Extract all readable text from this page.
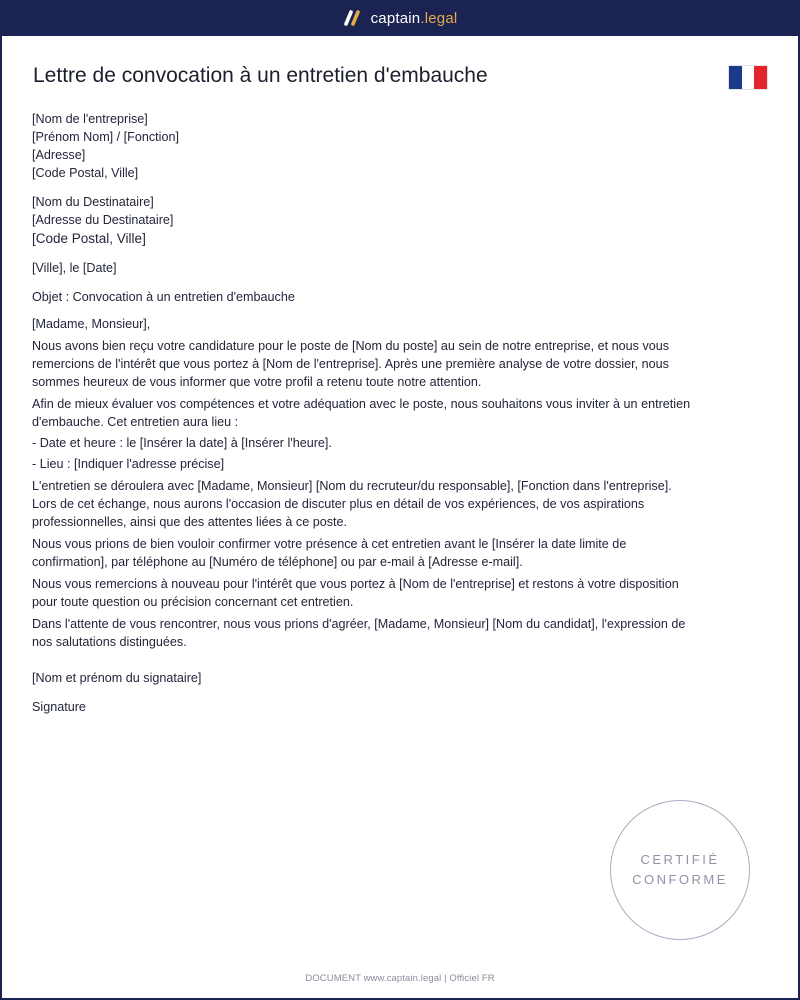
captain.legal
Lettre de convocation à un entretien d'embauche
[Nom de l'entreprise]
[Prénom Nom] / [Fonction]
[Adresse]
[Code Postal, Ville]
[Nom du Destinataire]
[Adresse du Destinataire]
[Code Postal, Ville]
[Ville], le [Date]
Objet : Convocation à un entretien d'embauche
[Madame, Monsieur],
Nous avons bien reçu votre candidature pour le poste de [Nom du poste] au sein de notre entreprise, et nous vous
remercions de l'intérêt que vous portez à [Nom de l'entreprise]. Après une première analyse de votre dossier, nous
sommes heureux de vous informer que votre profil a retenu toute notre attention.
Afin de mieux évaluer vos compétences et votre adéquation avec le poste, nous souhaitons vous inviter à un entretien
d'embauche. Cet entretien aura lieu :
- Date et heure : le [Insérer la date] à [Insérer l'heure].
- Lieu : [Indiquer l'adresse précise]
L'entretien se déroulera avec [Madame, Monsieur] [Nom du recruteur/du responsable], [Fonction dans l'entreprise].
Lors de cet échange, nous aurons l'occasion de discuter plus en détail de vos expériences, de vos aspirations
professionnelles, ainsi que des attentes liées à ce poste.
Nous vous prions de bien vouloir confirmer votre présence à cet entretien avant le [Insérer la date limite de
confirmation], par téléphone au [Numéro de téléphone] ou par e-mail à [Adresse e-mail].
Nous vous remercions à nouveau pour l'intérêt que vous portez à [Nom de l'entreprise] et restons à votre disposition
pour toute question ou précision concernant cet entretien.
Dans l'attente de vous rencontrer, nous vous prions d'agréer, [Madame, Monsieur] [Nom du candidat], l'expression de
nos salutations distinguées.
[Nom et prénom du signataire]
Signature
CERTIFIÉ
CONFORME
DOCUMENT www.captain.legal | Officiel FR
